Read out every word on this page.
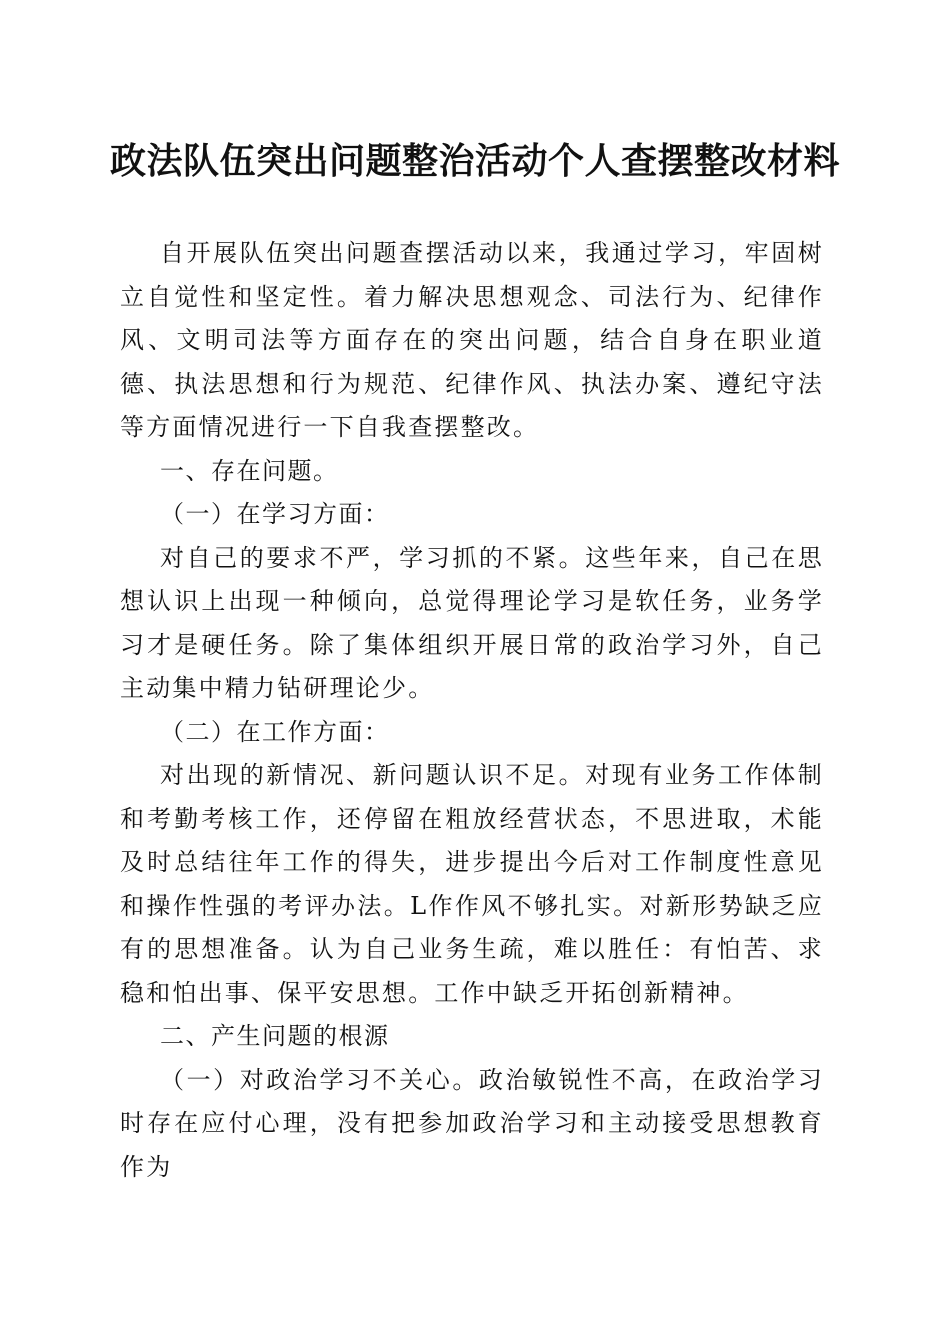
政法队伍突出问题整治活动个人查摆整改材料

自开展队伍突出问题查摆活动以来，我通过学习，牢固树立自觉性和坚定性。着力解决思想观念、司法行为、纪律作风、文明司法等方面存在的突出问题，结合自身在职业道德、执法思想和行为规范、纪律作风、执法办案、遵纪守法等方面情况进行一下自我查摆整改。

一、存在问题。

（一）在学习方面：

对自己的要求不严，学习抓的不紧。这些年来，自己在思想认识上出现一种倾向，总觉得理论学习是软任务，业务学习才是硬任务。除了集体组织开展日常的政治学习外，自己主动集中精力钻研理论少。

（二）在工作方面：

对出现的新情况、新问题认识不足。对现有业务工作体制和考勤考核工作，还停留在粗放经营状态，不思进取，术能及时总结往年工作的得失，进步提出今后对工作制度性意见和操作性强的考评办法。L作作风不够扎实。对新形势缺乏应有的思想准备。认为自己业务生疏，难以胜任：有怕苦、求稳和怕出事、保平安思想。工作中缺乏开拓创新精神。

二、产生问题的根源

（一）对政治学习不关心。政治敏锐性不高，在政治学习时存在应付心理，没有把参加政治学习和主动接受思想教育作为
